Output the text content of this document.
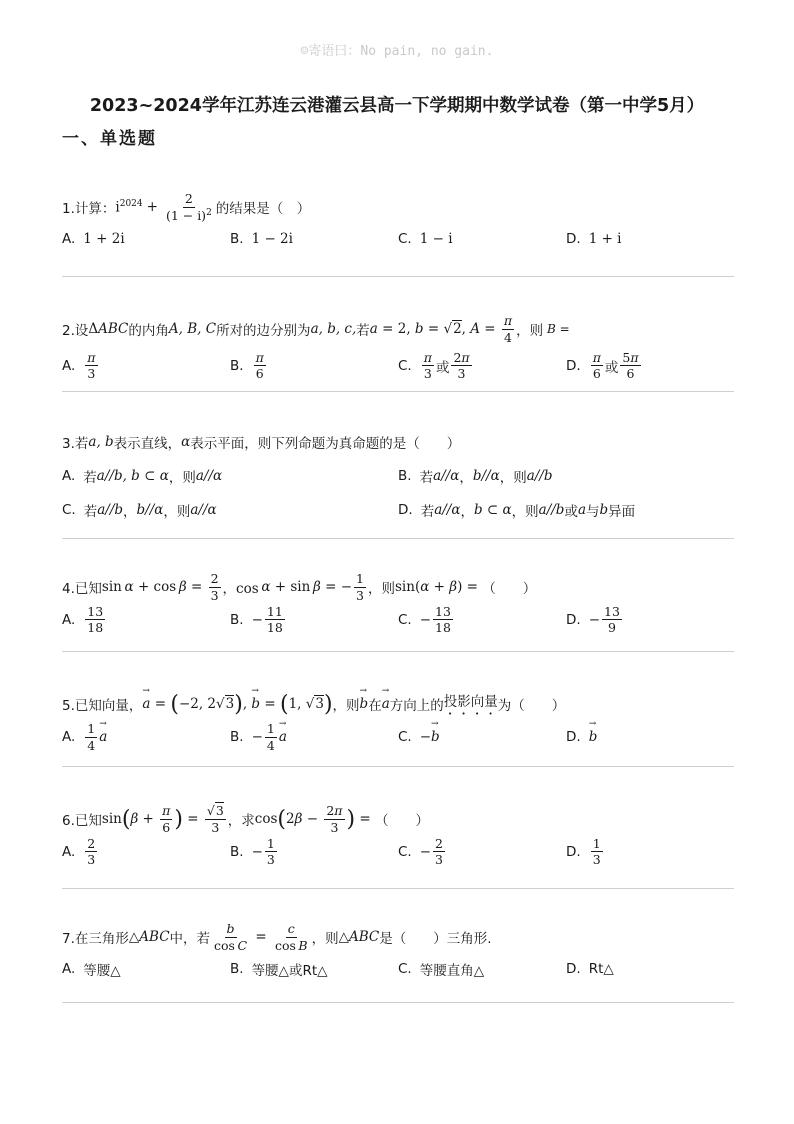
☺寄语曰：No pain, no gain.
2023~2024学年江苏连云港灌云县高一下学期期中数学试卷（第一中学5月）
一、单选题
1.计算： $i^{2024} + \frac{2}{(1 - i)^2}$ 的结果是（　）
A. 1 + 2i	B. 1 − 2i	C. 1 − i	D. 1 + i
2.设 Δ ABC 的内角 A, B, C 所对的边分别为 a, b, c, 若 a = 2, b = √2, $A = \frac{\pi}{4}$ ，则 B =
A. $\frac{\pi}{3}$	B. $\frac{\pi}{6}$	C. $\frac{\pi}{3}$ 或 $\frac{2\pi}{3}$	D. $\frac{\pi}{6}$ 或 $\frac{5\pi}{6}$
3.若 a, b 表示直线， α 表示平面，则下列命题为真命题的是（　　）
A. 若 a//b, b ⊂ α ， 则 a//α	B. 若 a//α ， b//α ， 则 a//b
C. 若 a//b ， b//α ， 则 a//α	D. 若 a//α ， b ⊂ α ， 则 a//b 或 a 与 b 异面
4.已知 $\sin \alpha + \cos \beta = \frac{2}{3}$ ，cos  α + sin  β = − $\frac{1}{3}$ ，则 sin( α + β ) = （　　）
A. $\frac{13}{18}$	B. − $\frac{11}{18}$	C. − $\frac{13}{18}$	D. − $\frac{13}{9}$
5.已知向量，
→ a = ( −2, 2√3 ) ,
→ b = ( 1, √3 ) ，则
→ b 在
→ a 方向上的 投影向量 为（　　）
A. $\frac{1}{4}$
→ a	B. − $\frac{1}{4}$
→ a	C. −
→ b	D.
→ b
6.已知 sin ( $\beta + \frac{\pi}{6}$ ) = $\frac{√3}{3}$ ，求 cos ( 2 $\beta - \frac{2\pi}{3}$ ) = （　　）
A. $\frac{2}{3}$	B. − $\frac{1}{3}$	C. − $\frac{2}{3}$	D. $\frac{1}{3}$
7.在三角形 △ ABC 中，若 $\frac{b}{\text{cos C}} = \frac{c}{\text{cos B}}$ ，则 △ ABC 是（　　）三角形.
A. 等腰△	B. 等腰△或Rt△	C. 等腰直角△	D. Rt△
